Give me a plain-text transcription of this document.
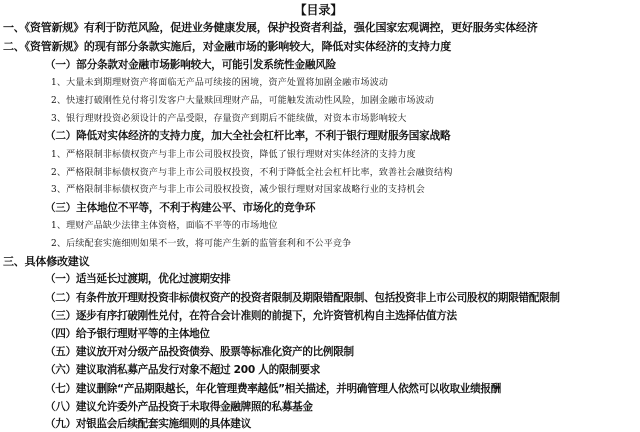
【目录】
一、《资管新规》有利于防范风险，促进业务健康发展，保护投资者利益，强化国家宏观调控，更好服务实体经济
二、《资管新规》的现有部分条款实施后，对金融市场的影响较大，降低对实体经济的支持力度
（一）部分条款对金融市场影响较大，可能引发系统性金融风险
1、大量未到期理财资产将面临无产品可续接的困境，资产处置将加剧金融市场波动
2、快速打破刚性兑付将引发客户大量赎回理财产品，可能触发流动性风险，加剧金融市场波动
3、银行理财投资必须设计的产品受限，存量资产到期后不能续做，对资本市场影响较大
（二）降低对实体经济的支持力度，加大全社会杠杆比率，不利于银行理财服务国家战略
1、严格限制非标债权资产与非上市公司股权投资，降低了银行理财对实体经济的支持力度
2、严格限制非标债权资产与非上市公司股权投资，不利于降低全社会杠杆比率，致善社会融资结构
3、严格限制非标债权资产与非上市公司股权投资，减少银行理财对国家战略行业的支持机会
（三）主体地位不平等，不利于构建公平、市场化的竞争环
1、理财产品缺少法律主体资格，面临不平等的市场地位
2、后续配套实施细则如果不一致，将可能产生新的监管套利和不公平竞争
三、具体修改建议
（一）适当延长过渡期，优化过渡期安排
（二）有条件放开理财投资非标债权资产的投资者限制及期限错配限制、包括投资非上市公司股权的期限错配限制
（三）逐步有序打破刚性兑付，在符合会计准则的前提下，允许资管机构自主选择估值方法
（四）给予银行理财平等的主体地位
（五）建议放开对分级产品投资债券、股票等标准化资产的比例限制
（六）建议取消私募产品发行对象不超过 200 人的限制要求
（七）建议删除“产品期限越长，年化管理费率越低”相关描述，并明确管理人依然可以收取业绩报酬
（八）建议允许委外产品投资于未取得金融牌照的私募基金
（九）对银监会后续配套实施细则的具体建议
